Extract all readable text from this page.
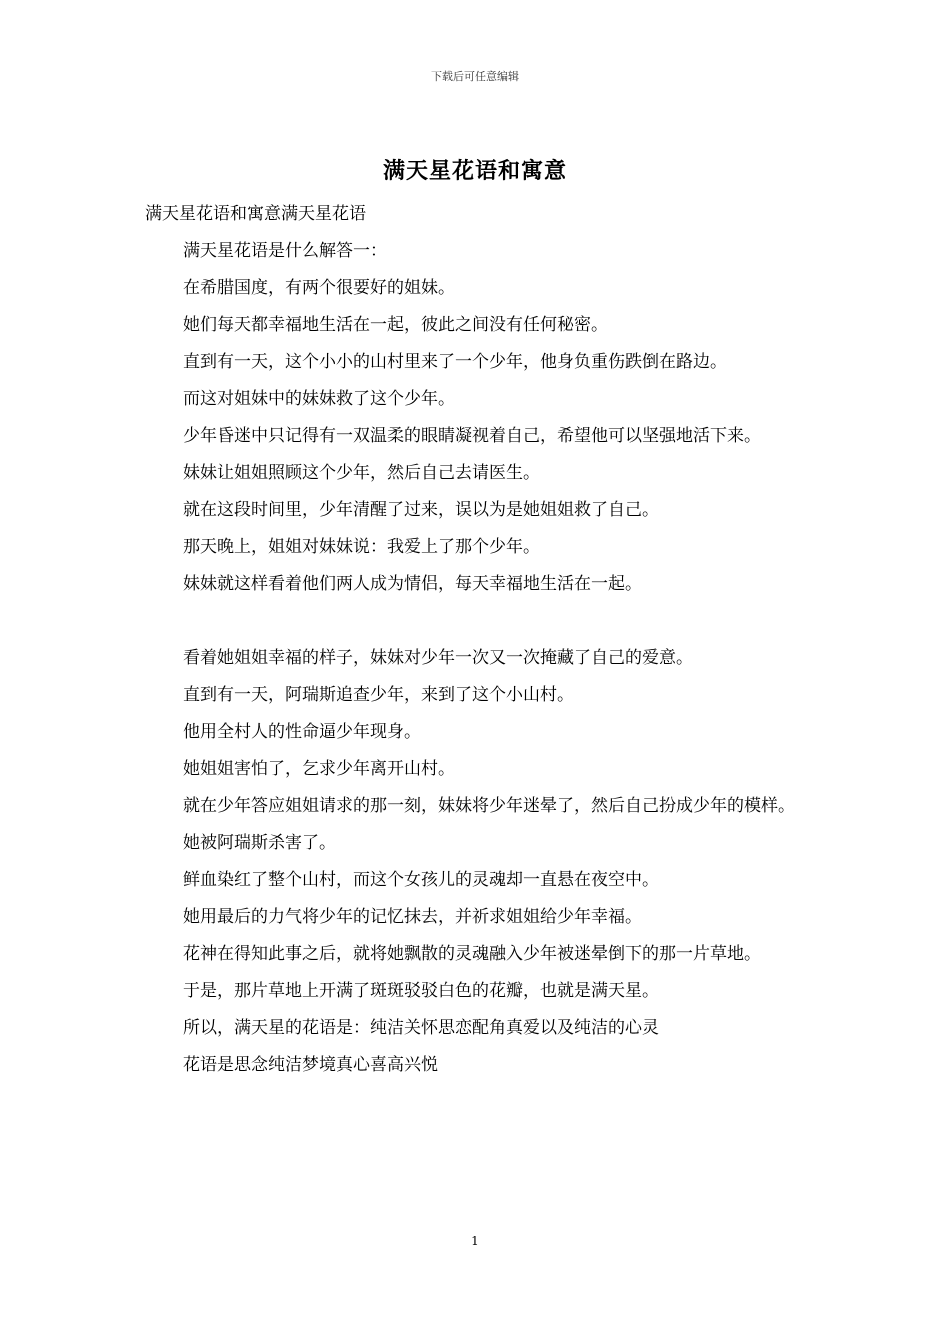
下载后可任意编辑
满天星花语和寓意

满天星花语和寓意满天星花语

满天星花语是什么解答一：

在希腊国度，有两个很要好的姐妹。

她们每天都幸福地生活在一起，彼此之间没有任何秘密。

直到有一天，这个小小的山村里来了一个少年，他身负重伤跌倒在路边。

而这对姐妹中的妹妹救了这个少年。

少年昏迷中只记得有一双温柔的眼睛凝视着自己，希望他可以坚强地活下来。

妹妹让姐姐照顾这个少年，然后自己去请医生。

就在这段时间里，少年清醒了过来，误以为是她姐姐救了自己。

那天晚上，姐姐对妹妹说：我爱上了那个少年。

妹妹就这样看着他们两人成为情侣，每天幸福地生活在一起。

看着她姐姐幸福的样子，妹妹对少年一次又一次掩藏了自己的爱意。

直到有一天，阿瑞斯追查少年，来到了这个小山村。

他用全村人的性命逼少年现身。

她姐姐害怕了，乞求少年离开山村。

就在少年答应姐姐请求的那一刻，妹妹将少年迷晕了，然后自己扮成少年的模样。

她被阿瑞斯杀害了。

鲜血染红了整个山村，而这个女孩儿的灵魂却一直悬在夜空中。

她用最后的力气将少年的记忆抹去，并祈求姐姐给少年幸福。

花神在得知此事之后，就将她飘散的灵魂融入少年被迷晕倒下的那一片草地。

于是，那片草地上开满了斑斑驳驳白色的花瓣，也就是满天星。

所以，满天星的花语是：纯洁关怀思恋配角真爱以及纯洁的心灵

花语是思念纯洁梦境真心喜高兴悦

1
